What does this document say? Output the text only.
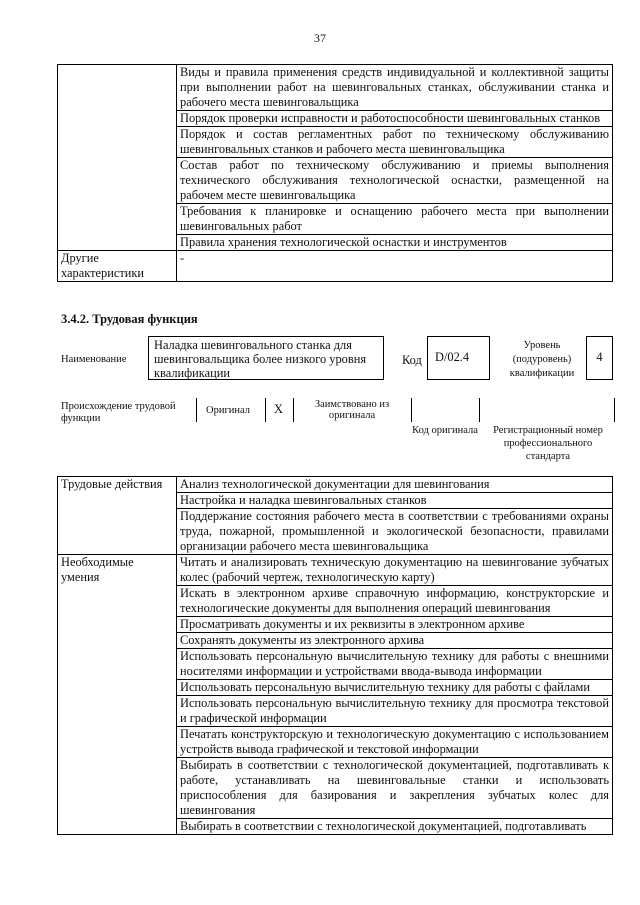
37
	Виды и правила применения средств индивидуальной и коллективной защиты при выполнении работ на шевинговальных станках, обслуживании станка и рабочего места шевинговальщика
	Порядок проверки исправности и работоспособности шевинговальных станков
	Порядок и состав регламентных работ по техническому обслуживанию шевинговальных станков и рабочего места шевинговальщика
	Состав работ по техническому обслуживанию и приемы выполнения технического обслуживания технологической оснастки, размещенной на рабочем месте шевинговальщика
	Требования к планировке и оснащению рабочего места при выполнении шевинговальных работ
	Правила хранения технологической оснастки и инструментов
Другие характеристики	-
3.4.2. Трудовая функция
Наименование
Наладка шевинговального станка для шевинговальщика более низкого уровня квалификации
Код	D/02.4
Уровень (подуровень) квалификации
4
Происхождение трудовой функции
Оригинал X	Заимствовано из оригинала
Код оригинала	Регистрационный номер профессионального стандарта
Трудовые действия	Анализ технологической документации для шевингования
	Настройка и наладка шевинговальных станков
	Поддержание состояния рабочего места в соответствии с требованиями охраны труда, пожарной, промышленной и экологической безопасности, правилами организации рабочего места шевинговальщика
Необходимые умения	Читать и анализировать техническую документацию на шевингование зубчатых колес (рабочий чертеж, технологическую карту)
	Искать в электронном архиве справочную информацию, конструкторские и технологические документы для выполнения операций шевингования
	Просматривать документы и их реквизиты в электронном архиве
	Сохранять документы из электронного архива
	Использовать персональную вычислительную технику для работы с внешними носителями информации и устройствами ввода-вывода информации
	Использовать персональную вычислительную технику для работы с файлами
	Использовать персональную вычислительную технику для просмотра текстовой и графической информации
	Печатать конструкторскую и технологическую документацию с использованием устройств вывода графической и текстовой информации
	Выбирать в соответствии с технологической документацией, подготавливать к работе, устанавливать на шевинговальные станки и использовать приспособления для базирования и закрепления зубчатых колес для шевингования
	Выбирать в соответствии с технологической документацией, подготавливать
